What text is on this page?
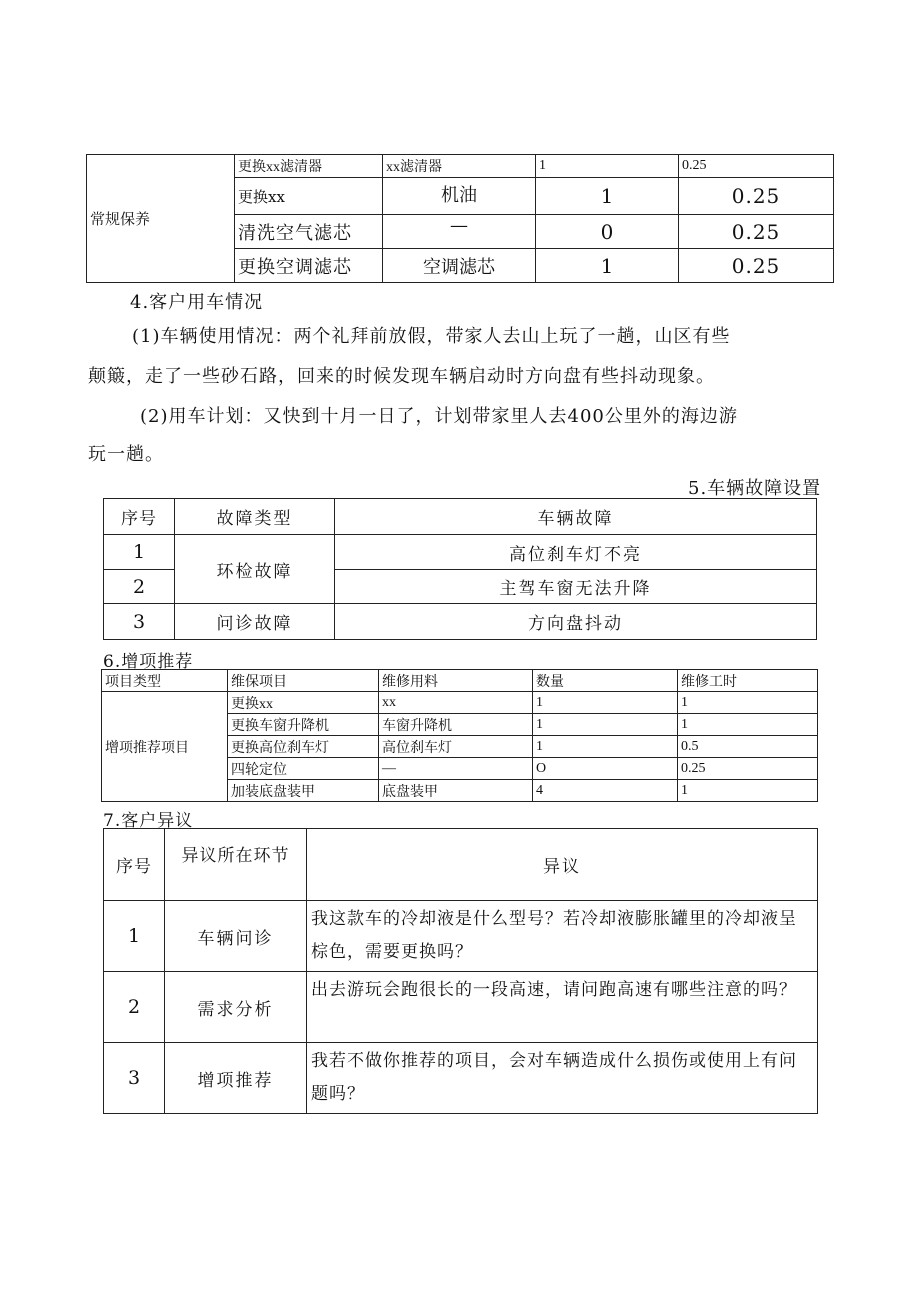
常规保养	更换xx滤清器	xx滤清器	1	0.25
	更换xx	机油	1	0.25
	清洗空气滤芯	—	0	0.25
	更换空调滤芯	空调滤芯	1	0.25
4.客户用车情况
(1)车辆使用情况：两个礼拜前放假，带家人去山上玩了一趟，山区有些
颠簸，走了一些砂石路，回来的时候发现车辆启动时方向盘有些抖动现象。
(2)用车计划：又快到十月一日了，计划带家里人去400公里外的海边游
玩一趟。
5.车辆故障设置
序号	故障类型	车辆故障
1	环检故障	高位刹车灯不亮
2		主驾车窗无法升降
3	问诊故障	方向盘抖动
6.增项推荐
项目类型	维保项目	维修用料	数量	维修工时
增项推荐项目	更换xx	xx	1	1
	更换车窗升降机	车窗升降机	1	1
	更换高位刹车灯	高位刹车灯	1	0.5
	四轮定位	—	O	0.25
	加装底盘装甲	底盘装甲	4	1
7.客户异议
序号	异议所在环节	异议
1	车辆问诊	我这款车的冷却液是什么型号？若冷却液膨胀罐里的冷却液呈棕色，需要更换吗？
2	需求分析	出去游玩会跑很长的一段高速，请问跑高速有哪些注意的吗？
3	增项推荐	我若不做你推荐的项目，会对车辆造成什么损伤或使用上有问题吗？
